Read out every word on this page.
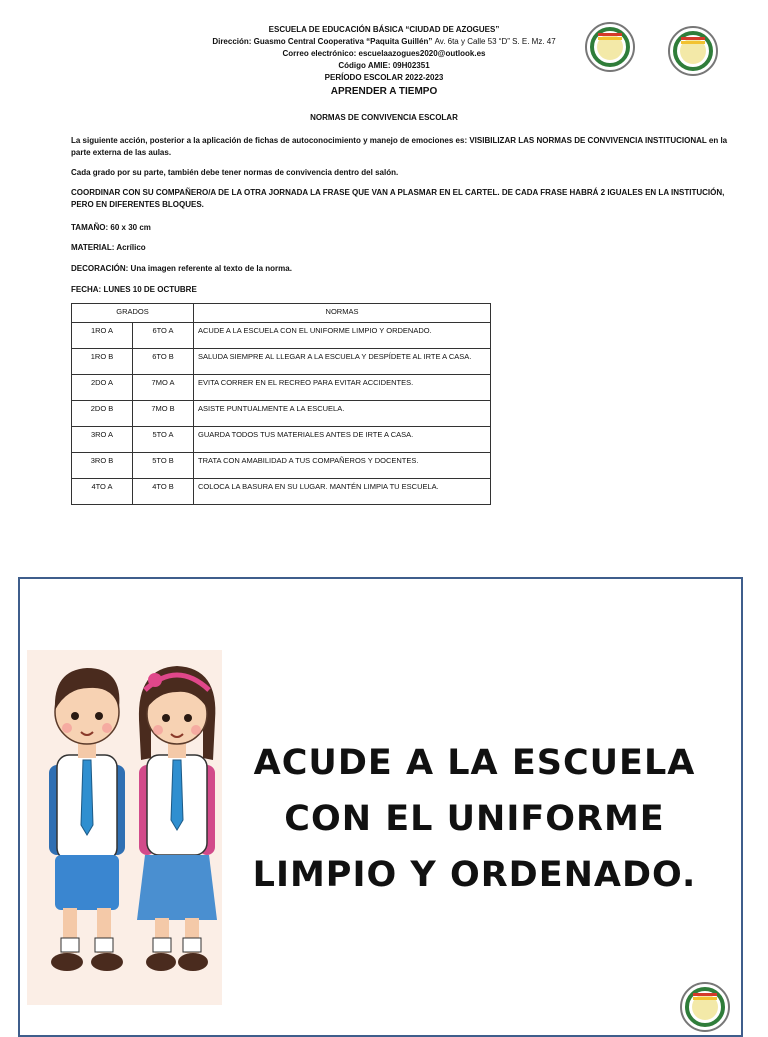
ESCUELA DE EDUCACIÓN BÁSICA “CIUDAD DE AZOGUES”
Dirección: Guasmo Central Cooperativa “Paquita Guillén” Av. 6ta y Calle 53 “D” S. E. Mz. 47
Correo electrónico: escuelaazogues2020@outlook.es
Código AMIE: 09H02351
PERÍODO ESCOLAR 2022-2023
APRENDER A TIEMPO
NORMAS DE CONVIVENCIA ESCOLAR
La siguiente acción, posterior a la aplicación de fichas de autoconocimiento y manejo de emociones es: VISIBILIZAR LAS NORMAS DE CONVIVENCIA INSTITUCIONAL en la parte externa de las aulas.
Cada grado por su parte, también debe tener normas de convivencia dentro del salón.
COORDINAR CON SU COMPAÑERO/A DE LA OTRA JORNADA LA FRASE QUE VAN A PLASMAR EN EL CARTEL. DE CADA FRASE HABRÁ 2 IGUALES EN LA INSTITUCIÓN, PERO EN DIFERENTES BLOQUES.
TAMAÑO: 60 x 30 cm
MATERIAL: Acrílico
DECORACIÓN: Una imagen referente al texto de la norma.
FECHA: LUNES 10 DE OCTUBRE
GRADOS		NORMAS
1RO A	6TO A	ACUDE A LA ESCUELA CON EL UNIFORME LIMPIO Y ORDENADO.
1RO B	6TO B	SALUDA SIEMPRE AL LLEGAR A LA ESCUELA Y DESPÍDETE AL IRTE A CASA.
2DO A	7MO A	EVITA CORRER EN EL RECREO PARA EVITAR ACCIDENTES.
2DO B	7MO B	ASISTE PUNTUALMENTE A LA ESCUELA.
3RO A	5TO A	GUARDA TODOS TUS MATERIALES ANTES DE IRTE A CASA.
3RO B	5TO B	TRATA CON AMABILIDAD A TUS COMPAÑEROS Y DOCENTES.
4TO A	4TO B	COLOCA LA BASURA EN SU LUGAR. MANTÉN LIMPIA TU ESCUELA.
ACUDE A LA ESCUELA
CON EL UNIFORME
LIMPIO Y ORDENADO.
